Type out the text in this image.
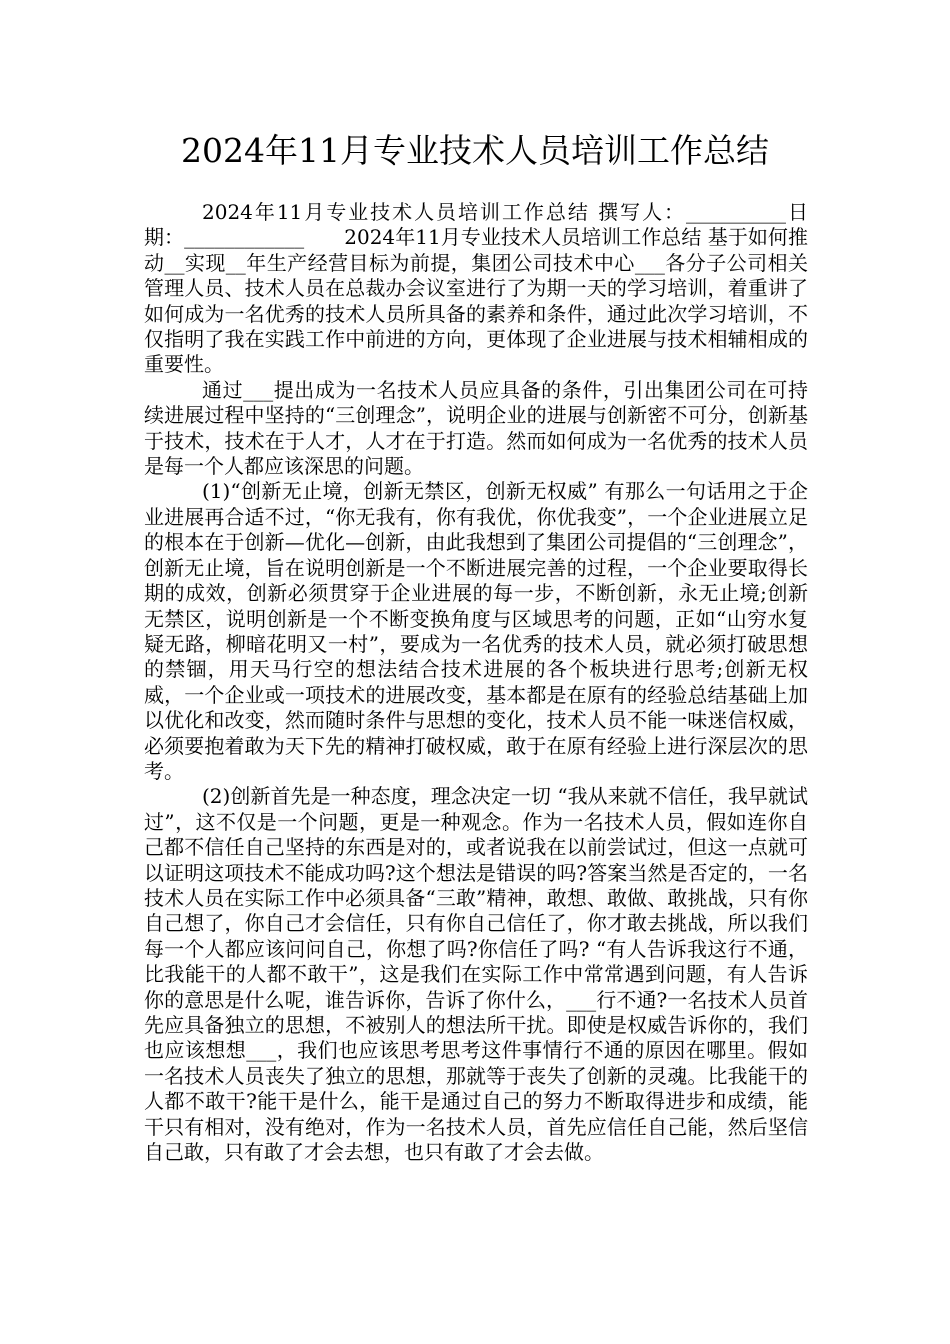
2024年11月专业技术人员培训工作总结

2024年11月专业技术人员培训工作总结 撰写人：__________日　期：____________　　2024年11月专业技术人员培训工作总结 基于如何推动__实现__年生产经营目标为前提，集团公司技术中心___各分子公司相关管理人员、技术人员在总裁办会议室进行了为期一天的学习培训，着重讲了如何成为一名优秀的技术人员所具备的素养和条件，通过此次学习培训，不仅指明了我在实践工作中前进的方向，更体现了企业进展与技术相辅相成的重要性。

通过___提出成为一名技术人员应具备的条件，引出集团公司在可持续进展过程中坚持的“三创理念”，说明企业的进展与创新密不可分，创新基于技术，技术在于人才，人才在于打造。然而如何成为一名优秀的技术人员是每一个人都应该深思的问题。

(1)“创新无止境，创新无禁区，创新无权威” 有那么一句话用之于企业进展再合适不过，“你无我有，你有我优，你优我变”，一个企业进展立足的根本在于创新—优化—创新，由此我想到了集团公司提倡的“三创理念”，创新无止境，旨在说明创新是一个不断进展完善的过程，一个企业要取得长期的成效，创新必须贯穿于企业进展的每一步，不断创新，永无止境;创新无禁区，说明创新是一个不断变换角度与区域思考的问题，正如“山穷水复疑无路，柳暗花明又一村”，要成为一名优秀的技术人员，就必须打破思想的禁锢，用天马行空的想法结合技术进展的各个板块进行思考;创新无权威，一个企业或一项技术的进展改变，基本都是在原有的经验总结基础上加以优化和改变，然而随时条件与思想的变化，技术人员不能一味迷信权威，必须要抱着敢为天下先的精神打破权威，敢于在原有经验上进行深层次的思考。

(2)创新首先是一种态度，理念决定一切 “我从来就不信任，我早就试过”，这不仅是一个问题，更是一种观念。作为一名技术人员，假如连你自己都不信任自己坚持的东西是对的，或者说我在以前尝试过，但这一点就可以证明这项技术不能成功吗?这个想法是错误的吗?答案当然是否定的，一名技术人员在实际工作中必须具备“三敢”精神，敢想、敢做、敢挑战，只有你自己想了，你自己才会信任，只有你自己信任了，你才敢去挑战，所以我们每一个人都应该问问自己，你想了吗?你信任了吗? “有人告诉我这行不通，比我能干的人都不敢干”，这是我们在实际工作中常常遇到问题，有人告诉你的意思是什么呢，谁告诉你，告诉了你什么，___行不通?一名技术人员首先应具备独立的思想，不被别人的想法所干扰。即使是权威告诉你的，我们也应该想想___，我们也应该思考思考这件事情行不通的原因在哪里。假如一名技术人员丧失了独立的思想，那就等于丧失了创新的灵魂。比我能干的人都不敢干?能干是什么，能干是通过自己的努力不断取得进步和成绩，能干只有相对，没有绝对，作为一名技术人员，首先应信任自己能，然后坚信自己敢，只有敢了才会去想，也只有敢了才会去做。
